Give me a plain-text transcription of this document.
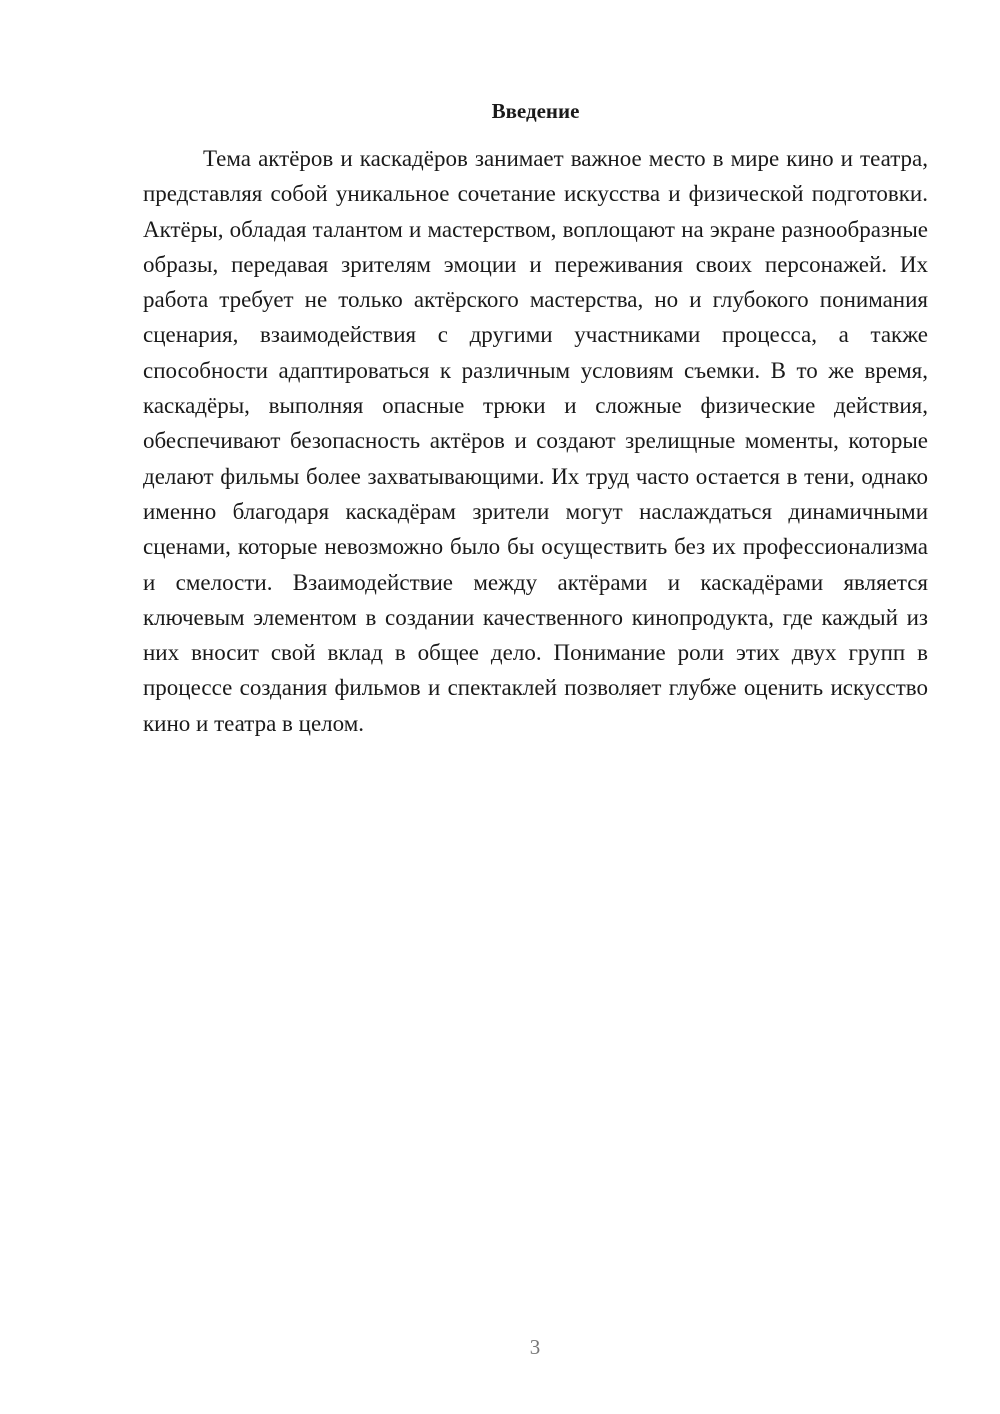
Введение

Тема актёров и каскадёров занимает важное место в мире кино и театра, представляя собой уникальное сочетание искусства и физической подготовки. Актёры, обладая талантом и мастерством, воплощают на экране разнообразные образы, передавая зрителям эмоции и переживания своих персонажей. Их работа требует не только актёрского мастерства, но и глубокого понимания сценария, взаимодействия с другими участниками процесса, а также способности адаптироваться к различным условиям съемки. В то же время, каскадёры, выполняя опасные трюки и сложные физические действия, обеспечивают безопасность актёров и создают зрелищные моменты, которые делают фильмы более захватывающими. Их труд часто остается в тени, однако именно благодаря каскадёрам зрители могут наслаждаться динамичными сценами, которые невозможно было бы осуществить без их профессионализма и смелости. Взаимодействие между актёрами и каскадёрами является ключевым элементом в создании качественного кинопродукта, где каждый из них вносит свой вклад в общее дело. Понимание роли этих двух групп в процессе создания фильмов и спектаклей позволяет глубже оценить искусство кино и театра в целом.

3
